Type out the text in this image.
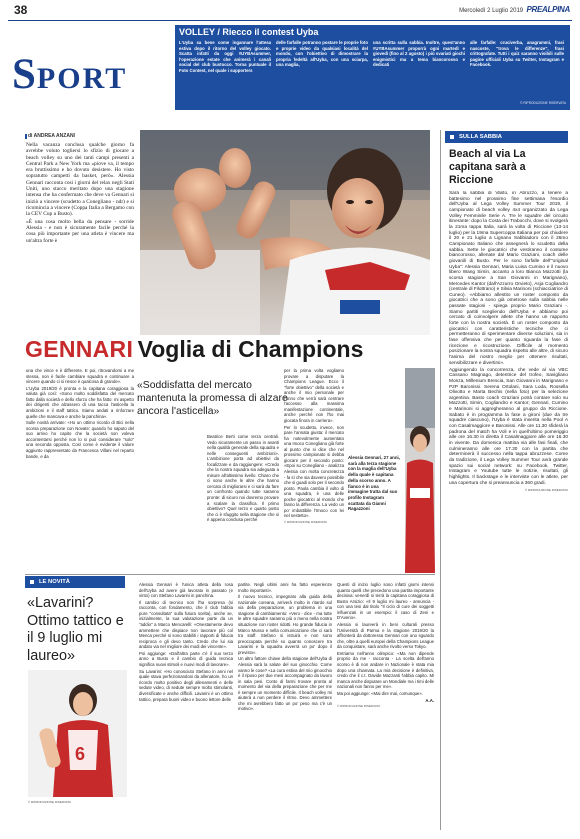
38	Mercoledì 2 Luglio 2019 PREALPINA
SPORT
VOLLEY / Riecco il contest Uyba
L'Uyba sa bene come ingannare l'attesa estiva dopo il ritorno del volley giocato. Scatta infatti da oggi #UYBAsummer, l'operazione estate che animerà i canali social del club bustocco. Torna puntuale il Foto Contest, nel quale i supporters
delle farfalle potranno postare le proprie foto e proprie video da qualsiasi località del mondo, con l'obiettivo di dimostrare la propria fedeltà all'Uyba, con una sciarpa, una maglia,
una scritta sulla sabbia. Inoltre, quest'anno #UYBAsummer proporrà ogni martedì e giovedì (fino al 2 agosto) i più svariati giochi enigmistici ma a tema biancorosso e dedicati
alle farfalle: cruciverba, anagrammi, frasi nascoste, "trova le differenze", frasi crittografate. Tutti i quiz saranno visibili sulle pagine ufficiali Uyba su Twitter, Instagram e Facebook.
© RIPRODUZIONE RISERVATA
di ANDREA ANZANI

Nella vacanza conclusa qualche giorno fa avrebbe voluto togliersi lo sfizio di giocare a beach volley su uno dei tanti campi presenti a Central Park a New York ma «piove va, il tempo era bruttissimo e ho dovuto desistere. Ho visto sopratutto campetti da basket, però». Alessia Gennari racconta così i giorni del relax negli Stati Uniti, uno stacco meritato dopo una stagione intensa che ha confermato che deve va Gennari si iniziò a vincere (scudetto a Conegliano - ndr) e si ricomincia a vincere (Coppa Italia a Bergamo con la CEV Cup a Busto).

«È una cosa molto bella da pensare - sorride Alessia - e non è sicuramente facile perché la cosa più importante per una atleta è vincere ma un'altra forte è

SULLA SABBIA
Beach al via La capitana sarà a Riccione

Sarà la sabbia di Vasto, in Abruzzo, a tenere a battesimo nel prossimo fine settimana l'esordio dell'Uyba al Lega Volley Summer Tour 2019, il campionato di beach volley 4x4 organizzato da Lega Volley Femminile Serie A. Tre le squadre del circuito itinerante: dopo la Costa dei Trabocchi, dove si svolgerà la 21ma tappa Italia, sarà la volta di Riccione (13-14 luglio) per la 19ma Supercoppa Italiana per poi chiudere il 20 e 21 luglio a Lignano Sabbiadoro con il 26mo Campionato Italiano che assegnerà lo scudetto della sabbia. Sette le giocatrici che vestiranno il costume biancorosso, allenate dal Mario Graziani, coach delle giovanili di Busto. Per le sono farfalle dell'"original Uyba": Alessia Gennari, Maria Luisa Cumino e il nuovo libero Wang Simin, accanto a loro Bianca Mazzotti (la scorsa stagione a San Giovanni in Marignano), Mercedes Kantor (dall'Azzurro Orvieto), Asja Cogliandro (centrale di Filottrano) e Silvia Marinoni (schiacciatrice di Cuneo). «Abbiamo allestito un roster composto da giocatrici che a sono già ometrose sulla sabbia nelle passate stagioni - spiega proprio Mario Graziani -. Siamo partiti scegliendo dell'Uyba e abbiamo poi cercato di coinvolgere atlete che hanno un rapporto forte con la nostra società. È un roster composto da giocatrici con caratteristiche tecniche che ci permetteranno di sperimentare diverse soluzioni, sia in fase offensiva che per quanto riguarda la fase di ricezione e ricostruzione. Difficile al momento posizionare la nostra squadra rispetto alle altre, di sicuro l'anima del nostro meglio per ottenere risultati, sensibilizzare e divertirsi».

Aggiungendo la concorrenza, che vede al via VBC Cassano Magnago, detentrice del trofeo, Savigliano Monza, Millenium Brescia, San Giovanni in Marignano e P2P Baronissi. Serena Ortolani, Sara Loda, Rossella Olivotto e Marta Bechis (nella foto) per la selezione argentina. Basto coach Graziani potrà contare solo su Mazzotti, Simin, Cogliandro e Kantor; Gennari, Cumino e Marinoni si aggregheranno al gruppo da Riccione. Sabato è in programma la fase a gironi (due da tre squadre ciascuno), l'Uyba è stata inserita nella Pool A con Casalmaggiore e Baronissi. Alle ore 11.30 sfiderà la padrona del match ha Voli e in quell'ultimo pomeriggio alle ore 16.30 in diretta il Casalmaggiore alle ore 16.30 in vivente. Da domenica mattina via alle fasi finali, che culmineranno alle ore 17.30 con la partita che determinerà il successo nella tappa abruzzese. Come da tradizione, il Lega Volley Summer Tour avrà grande spazio sui social network: su Facebook, Twitter, Instagram e Youtube tutte le notizie, risultati, gli highlights. Il backstage e le interviste con le atlete, per una copertura che si preannuncia a 360 gradi.

© RIPRODUZIONE RISERVATA

GENNARI Voglia di Champions
«Soddisfatta del mercato mantenuta la promessa di alzare ancora l'asticella»

una che vince e è differente. E poi, ritrovandomi a me stessa, non è facile cambiare squadra e continuare a vincere quando ci si riesce è qualcosa di grande».

L'Uyba 2019/20 è pronta e la capitana coraggiosa la valuta già così: «Sono molto soddisfatta del mercato fatto dalla società e dello sforzo che ha fatto: mi aspetto dei dirigenti che alzassero di una tacca l'asticella la ambizioni e il staff tattico. Siamo andati a rinforzare quelle che mancava e anche la panchina».

Sulle novità arrivate: «Ho un ottimo ricordo di Bici nella scorsa preparazione con Novate: quando ho saputo del suo arrivo ho capito che la società non voleva accontentarsi perché non lo si può considerare "solo" una seconda opposta. Così come è evidente il valore aggiunto rappresentato da Francesca Villani nel reparto bande, e da

Beatrice Berti come terza centrali. Vedo sicuramente un passo in avanti nella qualità generale della squadra e nelle conseguenti ambizioni». L'ambizione porta ad obiettivi da focalizzare e da raggiungere: «Credo che la nostra squadra sia adeguata a misure all'altissimo livello. Chiaro che ci sono anche le altre che hanno cercato di migliorarsi e ci sarà da fare un confronto quando tutte saranno pronte: di sicuro noi dovremo provare a scalare la classifica. Il primo obiettivo? Quel terzo e quarto posto che ci è sfuggito nella stagione che si è appena conclusa perché

per la prima volta vogliamo provare a disputare la Champions League. Ecco il "forte obiettivo" della società e anche il mio personale per l'anno che verrà sarà centrare l'accesso alla massima manifestazione continentale, anche perché non l'ho mai giocata finora in carriera».

Per lo scudetto, invece, non pare l'annata giusta: il mercato ha notevolmente aumentato una Imoco Conegliano già forte al punto che si dice che nel prossimo campionato si debba giocare per il secondo posto: «Epoi su Conegliano - analizza Alessia con molta concretezza - fa sì che sia davvero possibile che si guadi solo per il secondo posto. Paola cambia il volto di una squadra, è una delle poche giocatrici al mondo che fanno la differenza. La vedo un po' imbattibile l'Imoco con lei nel sestetto».

© RIPRODUZIONE RISERVATA

Alessia Gennari, 27 anni, sarà alla terza stagione con la maglia dell'Uyba della quale è capitana della scorso anno. A fianco è in una immagine tratta dal suo profilo Instagram scattata da Gianni Ragazzoni
LE NOVITÀ
«Lavarini? Ottimo tattico e il 9 luglio mi laureo»
6
© RIPRODUZIONE RISERVATA

Alessia Gennari è l'unica atleta della rosa dell'Uyba ad avere già lavorato in passato (e vinto) con Stefano Lavarini in panchina.

Il cambio di tecnico non l'ha sorpresa (si racconta, con fondamento, che il club l'abbia pure "consultata" sulla futura scelta), anche se, inizialmente, la sua valutazione parte da un "addio" a Marco Mencarelli: «Onestamente devo ammettere che dispiace non lavorare più col Menca perché si sono stabiliti i rapporti di fiducia reciproca e gli devo tanto. Credo che lui sia andato via nel migliore dei modi dei vincente».

Poi aggiunge: «Dall'altra parte c'è il suo terzo anno a Busto e il cambio di guida tecnica significa nuovi stimoli e nuovi modi di lavorare».

Su Lavarini: «Ho conosciuto Stefano in anni nel quale stava perfezionandosi da allenatore, ho un ricordo molto positivo degli allenamenti e delle sedute video, di sedute sempre molto stimolanti, diversificate e anche difficili. Lavarini è un ottimo tattico, prepara buoni video e buono lettore delle

partite. Negli ultimi anni ha fatto esperienze molto importanti».

Il nuovo tecnico, impegnato alla guida della nazionale coreana, arriverà molto in ritardo sul via della preparazione, un problema in una stagione di cambiamento: «Vero - dice - ma tutte le altre squadre saranno più o meno nella nostra situazione con roster ridotti. Ho grande fiducia in Marco Musso e nella comunicazione che ci sarà tra staff. Stefano si istruirà e non sono preoccupata perché so quanto conoscere tra Lavarini e la squadra avverrà un po' dopo il previsto».

Un altro fattore chiave della stagione dell'Uyba di Alessia sarà la salute del suo ginocchio. Come vanno le cose? «La cura estiva del mio ginocchio è il riposo per due mesi accompagnato da lavoro in sala pesi. Conto di farmi trovare pronta al momento del via della preparazione che per me è sempre un momento difficile. Il beach volley mi aiuterà a non perdere il ritmo. Devo ammettere che mi avrebbero fatto un po' peso ma c'è un motivo».

Questi di inizio luglio sono infatti giorni intensi quanto quelli che precedono una partita importante decisiva: venerdì si terrà la capitana coraggiosa di Busto Arsizio: «Il 9 luglio mi laureo - annuncia - con una tesi dal titolo "Il ciclo di cure dei soggetti influenzati in un esempio: il caso di Zeni e D'Averio».

Alessia si laureerà in beni culturali presso l'Università di Parma e la stagione 2019/20 la affronterà da dottoressa Gennari con uno sguardo che, oltre a quelli europei della Champions League da conquistare, sarà anche rivolto verso Tokyo.

Entriamo nell'anno olimpico: «Ma non dipende proprio da me - racconta - La scelta dell'anno scorso è di non andare in Nazionale è stata mia dopo una chiamata. La mia decisione è definitiva, credo che il c.t. Davide Mazzanti l'abbia capito. Mi manca anche disputare un Mondiale ma i timi delle nazionali non fanno per me».

Ma poi aggiunge: «Mai dire mai, comunque».

A.A.

© RIPRODUZIONE RISERVATA
